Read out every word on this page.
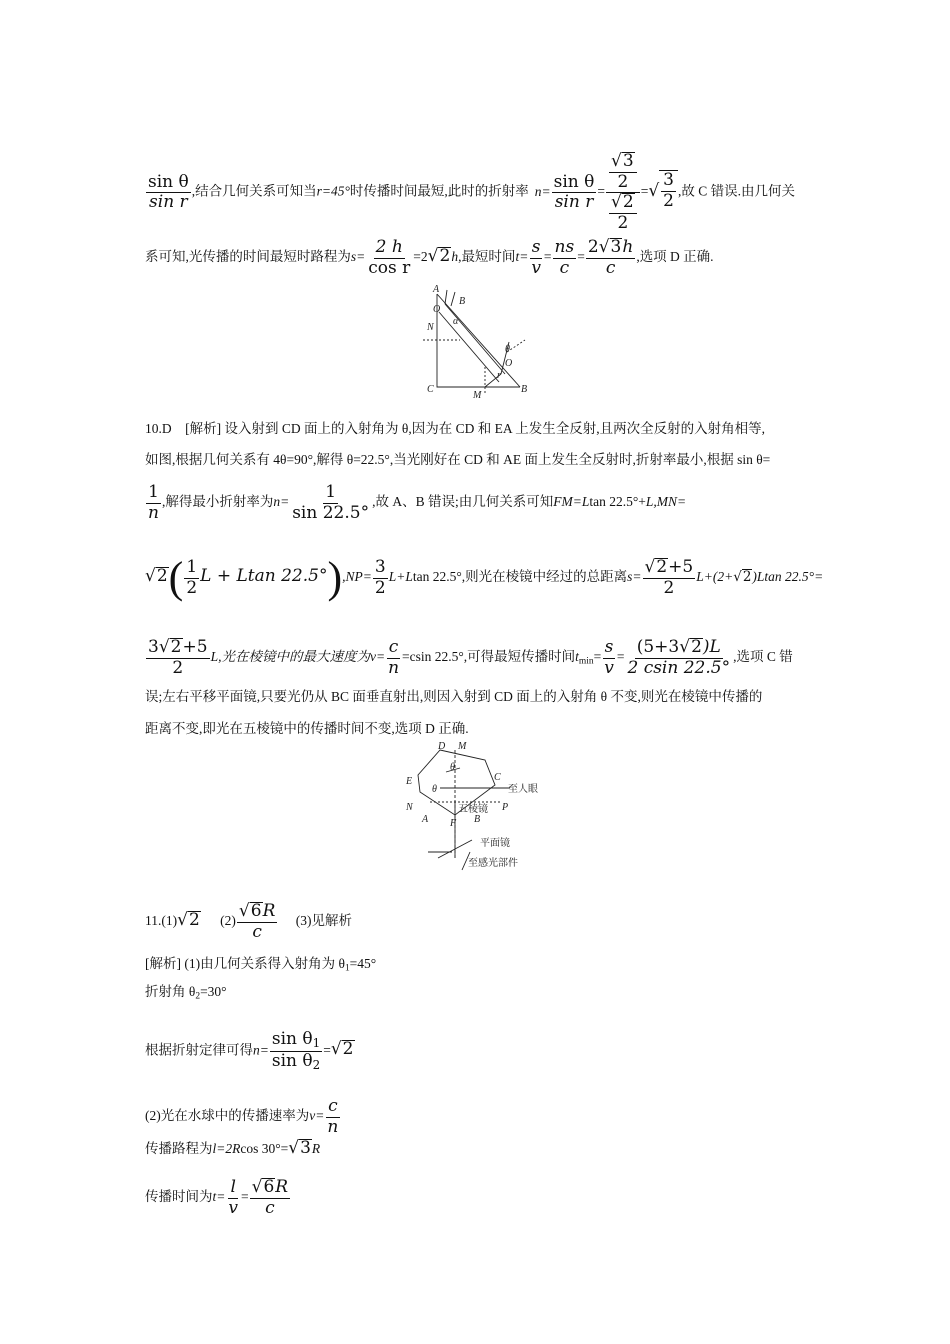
$\frac{\text{sin θ}}{\text{sin r}}$ ,结合几何关系可知当r=45°时传播时间最短,此时的折射率 $n= \frac{\text{sin θ}}{\text{sin r}} = \frac{\frac{√3}{2}}{\frac{√2}{2}}$ =√ $\frac{3}{2}$ ,故 C 错误.由几何关
系可知,光传播的时间最短时路程为$s= \frac{2 h}{\text{cos r}} =2√2h$,最短时间$t= \frac{s}{v} = \frac{ns}{c} = \frac{2√3h}{c}$ ,选项 D 正确.
A
O
B
N
α
θ
O
r
C
M
B
10.D　[解析] 设入射到 CD 面上的入射角为 θ,因为在 CD 和 EA 上发生全反射,且两次全反射的入射角相等,
如图,根据几何关系有 4θ=90°,解得 θ=22.5°,当光刚好在 CD 和 AE 面上发生全反射时,折射率最小,根据 sin θ=
$\frac{1}{n}$ ,解得最小折射率为$n= \frac{1}{\sin 22.5^\circ}$ ,故 A、B 错误;由几何关系可知FM=Ltan 22.5°+L,MN=
$√2( \frac{1}{2}$ L + Ltan $22.5^\circ),NP= \frac{3}{2} L+Ltan$ 22.5°,则光在棱镜中经过的总距离$s= \frac{√2+5}{2} L+(2+√2)Ltan$ 22.5°=
$\frac{3√2+5}{2} L$,光在棱镜中的最大速度为$v= \frac{c}{n} =csin$ 22.5°,可得最短传播时间$t_{min}= \frac{s}{v} = \frac{(5+3√2)L}{2 csin 22.5^\circ}$ ,选项 C 错
误;左右平移平面镜,只要光仍从 BC 面垂直射出,则因入射到 CD 面上的入射角 θ 不变,则光在棱镜中传播的
距离不变,即光在五棱镜中的传播时间不变,选项 D 正确.
D M
E
θ
C
θ	至人眼
N	五棱镜 P
A F B
平面镜
至感光部件
11.(1)√2 $(2) \frac{√6R}{c} (3)$见解析
[解析] (1)由几何关系得入射角为 $\theta_1=45^\circ$
折射角 $\theta_2=30^\circ$
根据折射定律可得$n= \frac{\sin \theta_1}{\sin \theta_2} =√2$
(2)光在水球中的传播速率为$v= \frac{c}{n}$
传播路程为l=2Rcos 30°=√3R
传播时间为$t= \frac{l}{v} = \frac{√6R}{c}$
